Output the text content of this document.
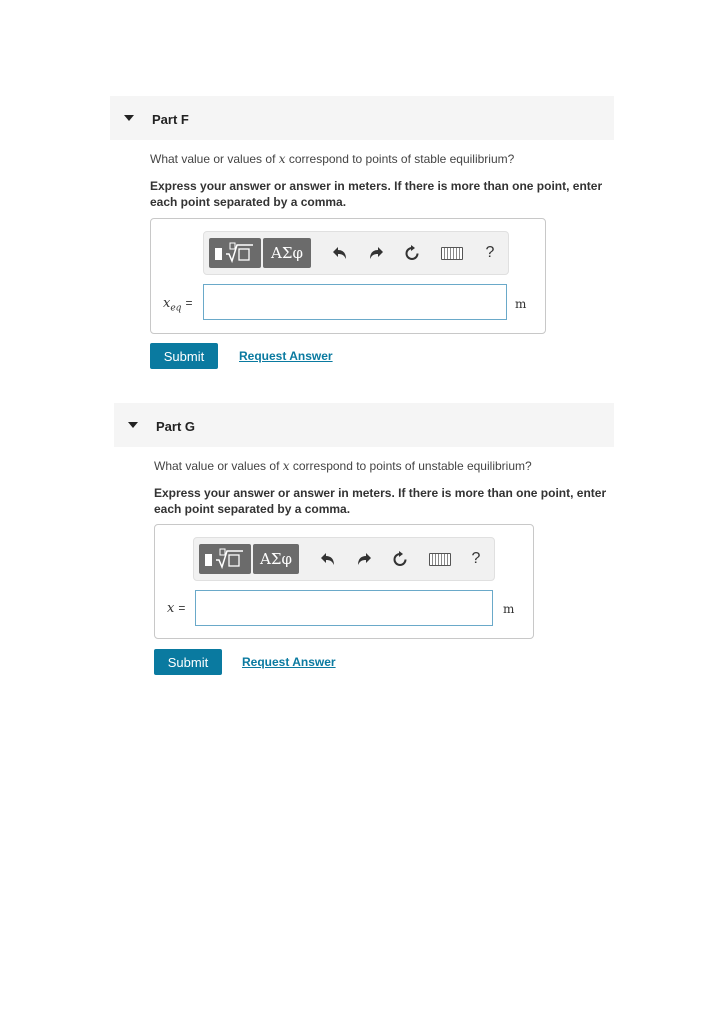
Part F
What value or values of x correspond to points of stable equilibrium?
Express your answer or answer in meters. If there is more than one point, enter each point separated by a comma.
ΑΣφ	?
$x_{eq}$ =	m
Submit	Request Answer
Part G
What value or values of x correspond to points of unstable equilibrium?
Express your answer or answer in meters. If there is more than one point, enter each point separated by a comma.
ΑΣφ	?
x =	m
Submit	Request Answer
